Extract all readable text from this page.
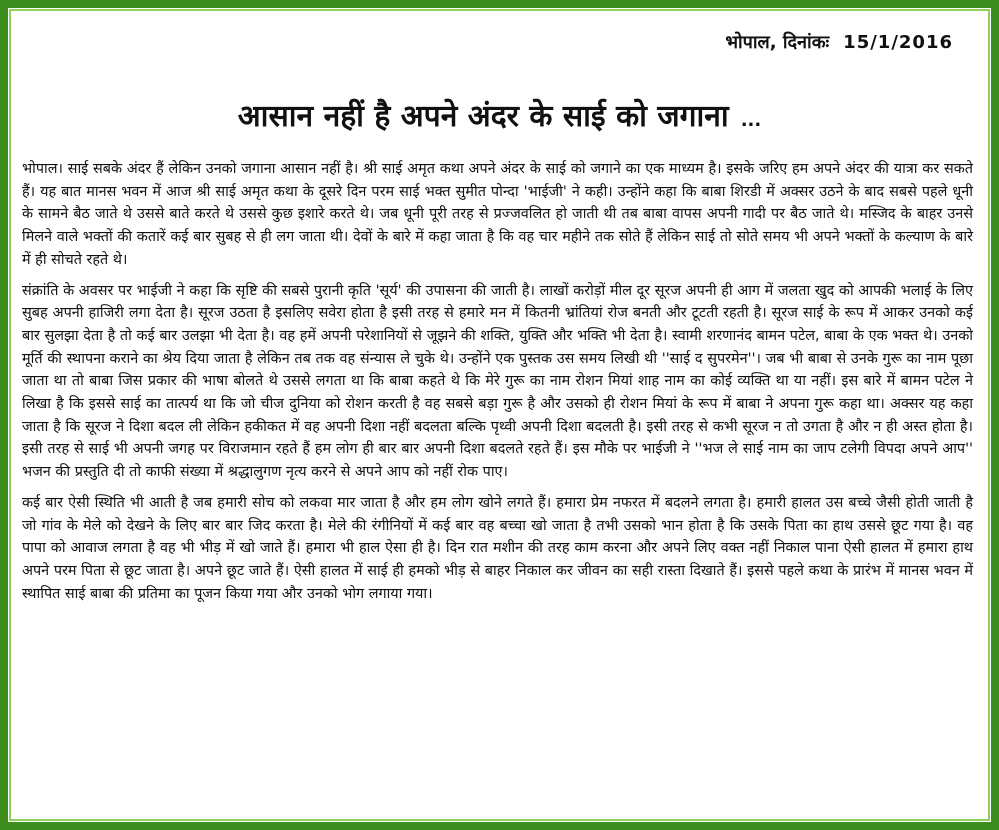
भोपाल, दिनांकः 15/1/2016
आसान नहीं है अपने अंदर के साई को जगाना ...

भोपाल। साई सबके अंदर हैं लेकिन उनको जगाना आसान नहीं है। श्री साई अमृत कथा अपने अंदर के साई को जगाने का एक माध्यम है। इसके जरिए हम अपने अंदर की यात्रा कर सकते हैं। यह बात मानस भवन में आज श्री साई अमृत कथा के दूसरे दिन परम साई भक्त सुमीत पोन्दा 'भाईजी' ने कही। उन्होंने कहा कि बाबा शिरडी में अक्सर उठने के बाद सबसे पहले धूनी के सामने बैठ जाते थे उससे बाते करते थे उससे कुछ इशारे करते थे। जब धूनी पूरी तरह से प्रज्जवलित हो जाती थी तब बाबा वापस अपनी गादी पर बैठ जाते थे। मस्जिद के बाहर उनसे मिलने वाले भक्तों की कतारें कई बार सुबह से ही लग जाता थी। देवों के बारे में कहा जाता है कि वह चार महीने तक सोते हैं लेकिन साई तो सोते समय भी अपने भक्तों के कल्याण के बारे में ही सोचते रहते थे।

संक्रांति के अवसर पर भाईजी ने कहा कि सृष्टि की सबसे पुरानी कृति 'सूर्य' की उपासना की जाती है। लाखों करोड़ों मील दूर सूरज अपनी ही आग में जलता खुद को आपकी भलाई के लिए सुबह अपनी हाजिरी लगा देता है। सूरज उठता है इसलिए सवेरा होता है इसी तरह से हमारे मन में कितनी भ्रांतियां रोज बनती और टूटती रहती है। सूरज साई के रूप में आकर उनको कई बार सुलझा देता है तो कई बार उलझा भी देता है। वह हमें अपनी परेशानियों से जूझने की शक्ति, युक्ति और भक्ति भी देता है। स्वामी शरणानंद बामन पटेल, बाबा के एक भक्त थे। उनको मूर्ति की स्थापना कराने का श्रेय दिया जाता है लेकिन तब तक वह संन्यास ले चुके थे। उन्होंने एक पुस्तक उस समय लिखी थी ''साई द सुपरमेन''। जब भी बाबा से उनके गुरू का नाम पूछा जाता था तो बाबा जिस प्रकार की भाषा बोलते थे उससे लगता था कि बाबा कहते थे कि मेरे गुरू का नाम रोशन मियां शाह नाम का कोई व्यक्ति था या नहीं। इस बारे में बामन पटेल ने लिखा है कि इससे साई का तात्पर्य था कि जो चीज दुनिया को रोशन करती है वह सबसे बड़ा गुरू है और उसको ही रोशन मियां के रूप में बाबा ने अपना गुरू कहा था। अक्सर यह कहा जाता है कि सूरज ने दिशा बदल ली लेकिन हकीकत में वह अपनी दिशा नहीं बदलता बल्कि पृथ्वी अपनी दिशा बदलती है। इसी तरह से कभी सूरज न तो उगता है और न ही अस्त होता है। इसी तरह से साई भी अपनी जगह पर विराजमान रहते हैं हम लोग ही बार बार अपनी दिशा बदलते रहते हैं। इस मौके पर भाईजी ने ''भज ले साई नाम का जाप टलेगी विपदा अपने आप'' भजन की प्रस्तुति दी तो काफी संख्या में श्रद्धालुगण नृत्य करने से अपने आप को नहीं रोक पाए।

कई बार ऐसी स्थिति भी आती है जब हमारी सोच को लकवा मार जाता है और हम लोग खोने लगते हैं। हमारा प्रेम नफरत में बदलने लगता है। हमारी हालत उस बच्चे जैसी होती जाती है जो गांव के मेले को देखने के लिए बार बार जिद करता है। मेले की रंगीनियों में कई बार वह बच्चा खो जाता है तभी उसको भान होता है कि उसके पिता का हाथ उससे छूट गया है। वह पापा को आवाज लगता है वह भी भीड़ में खो जाते हैं। हमारा भी हाल ऐसा ही है। दिन रात मशीन की तरह काम करना और अपने लिए वक्त नहीं निकाल पाना ऐसी हालत में हमारा हाथ अपने परम पिता से छूट जाता है। अपने छूट जाते हैं। ऐसी हालत में साई ही हमको भीड़ से बाहर निकाल कर जीवन का सही रास्ता दिखाते हैं। इससे पहले कथा के प्रारंभ में मानस भवन में स्थापित साई बाबा की प्रतिमा का पूजन किया गया और उनको भोग लगाया गया।
